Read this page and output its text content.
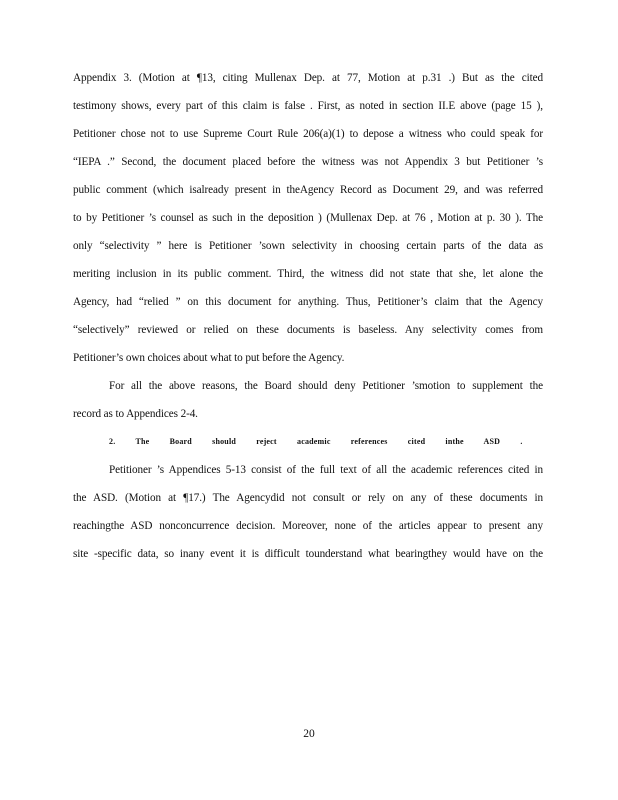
Appendix 3. (Motion at ¶13, citing Mullenax Dep. at 77, Motion at p.31 .) But as the cited
testimony shows, every part of this claim is false . First, as noted in section II.E above (page 15 ),
Petitioner chose not to use Supreme Court Rule 206(a)(1) to depose a witness who could speak for
“IEPA .” Second, the document placed before the witness was not Appendix 3 but Petitioner ’s
public comment (which isalready present in theAgency Record as Document 29, and was referred
to by Petitioner ’s counsel as such in the deposition ) (Mullenax Dep. at 76 , Motion at p. 30 ). The
only “selectivity ” here is Petitioner ’sown selectivity in choosing certain parts of the data as
meriting inclusion in its public comment. Third, the witness did not state that she, let alone the
Agency, had “relied ” on this document for anything. Thus, Petitioner’s claim that the Agency
“selectively” reviewed or relied on these documents is baseless. Any selectivity comes from
Petitioner’s own choices about what to put before the Agency.
For all the above reasons, the Board should deny Petitioner ’smotion to supplement the
record as to Appendices 2-4.
2. The Board should reject academic references cited inthe ASD .
Petitioner ’s Appendices 5-13 consist of the full text of all the academic references cited in
the ASD. (Motion at ¶17.) The Agencydid not consult or rely on any of these documents in
reachingthe ASD nonconcurrence decision. Moreover, none of the articles appear to present any
site -specific data, so inany event it is difficult tounderstand what bearingthey would have on the
20
